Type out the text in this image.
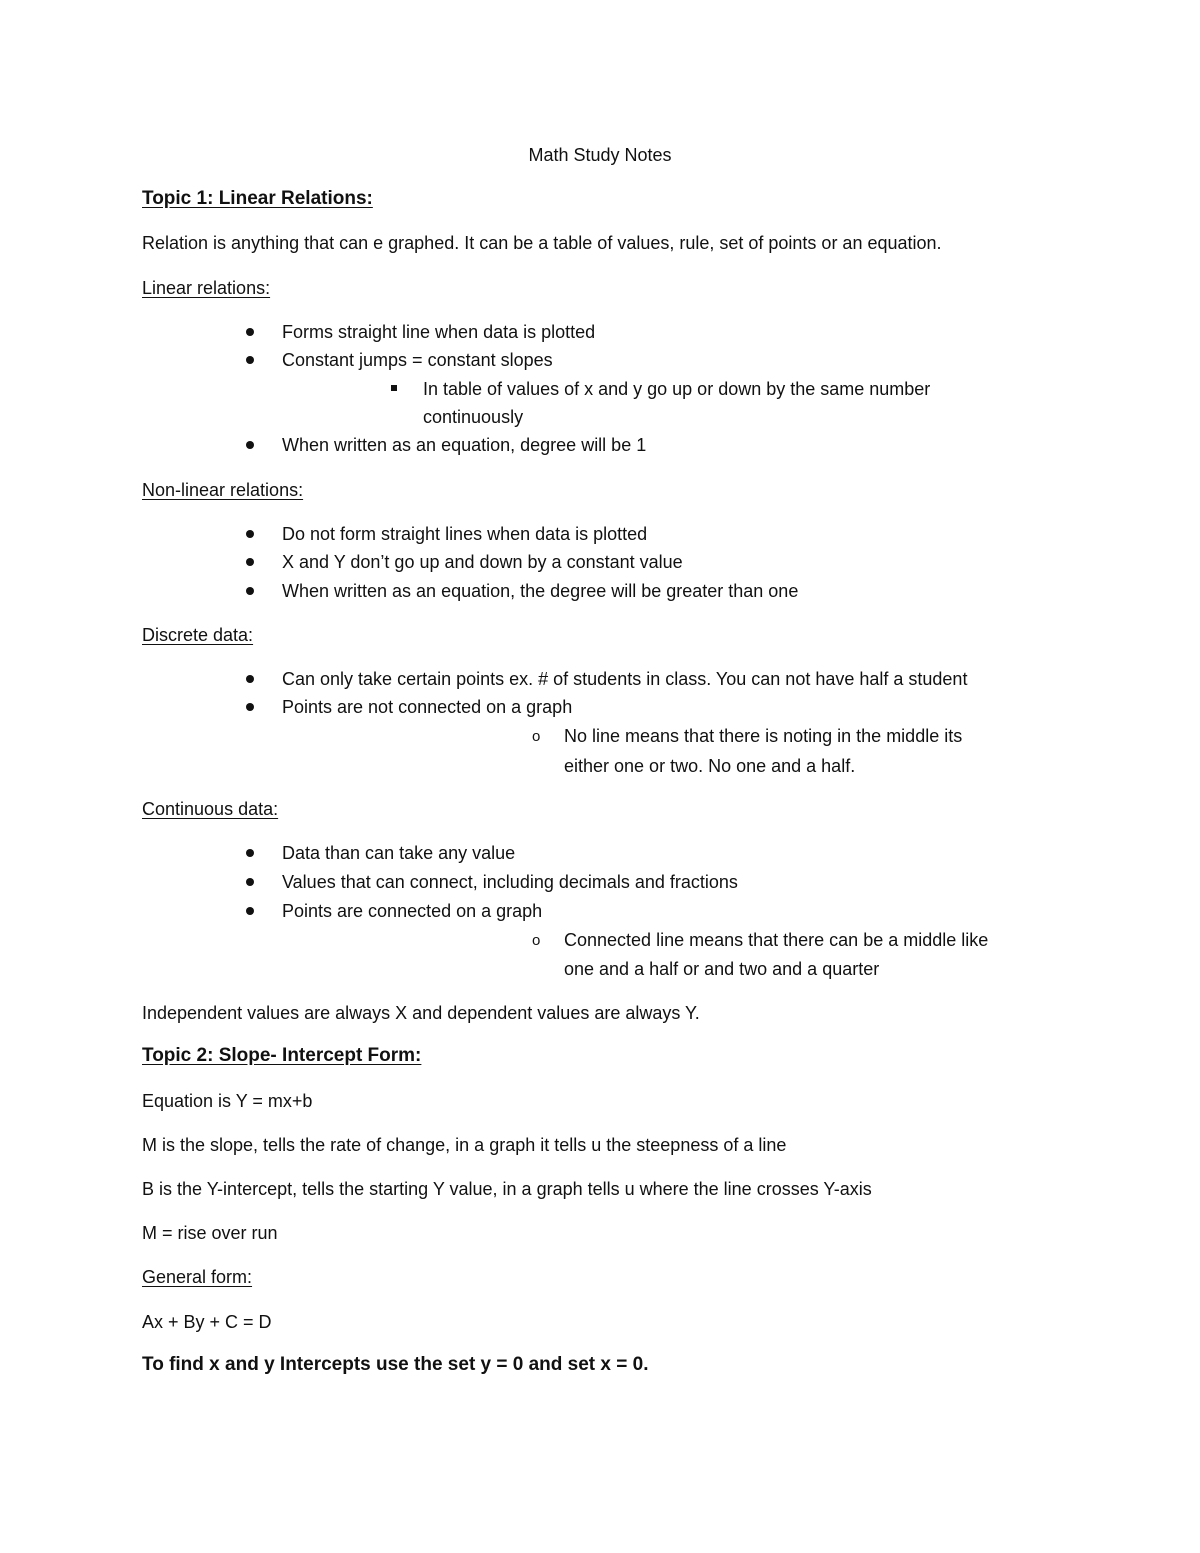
Math Study Notes
Topic 1: Linear Relations:
Relation is anything that can e graphed. It can be a table of values, rule, set of points or an equation.
Linear relations:
Forms straight line when data is plotted
Constant jumps = constant slopes
In table of values of x and y go up or down by the same number
continuously
When written as an equation, degree will be 1
Non-linear relations:
Do not form straight lines when data is plotted
X and Y don’t go up and down by a constant value
When written as an equation, the degree will be greater than one
Discrete data:
Can only take certain points ex. # of students in class. You can not have half a student
Points are not connected on a graph
o No line means that there is noting in the middle its
either one or two. No one and a half.
Continuous data:
Data than can take any value
Values that can connect, including decimals and fractions
Points are connected on a graph
o Connected line means that there can be a middle like
one and a half or and two and a quarter
Independent values are always X and dependent values are always Y.
Topic 2: Slope- Intercept Form:
Equation is Y = mx+b
M is the slope, tells the rate of change, in a graph it tells u the steepness of a line
B is the Y-intercept, tells the starting Y value, in a graph tells u where the line crosses Y-axis
M = rise over run
General form:
Ax + By + C = D
To find x and y Intercepts use the set y = 0 and set x = 0.
